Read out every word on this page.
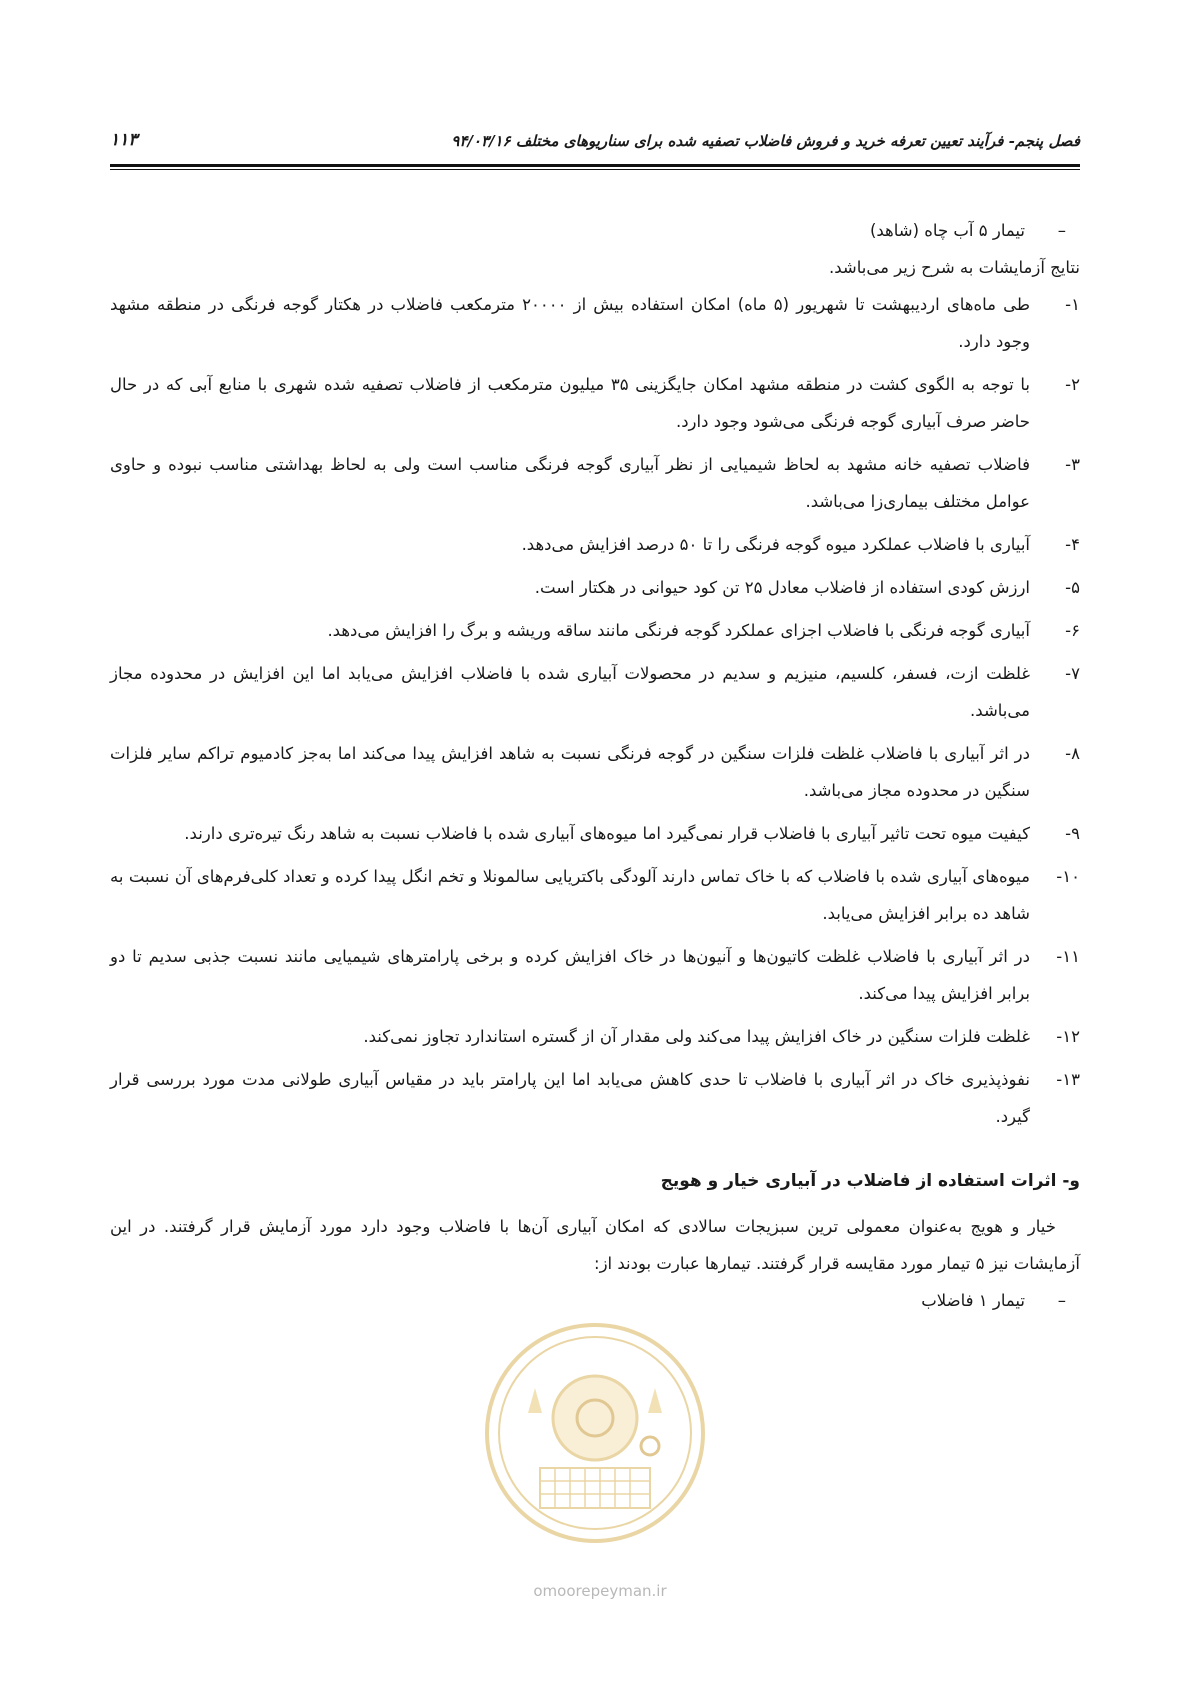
فصل پنجم- فرآیند تعیین تعرفه خرید و فروش فاضلاب تصفیه شده برای سناریوهای مختلف ۹۴/۰۳/۱۶
۱۱۳

– تیمار ۵ آب چاه (شاهد)

نتایج آزمایشات به شرح زیر می‌باشد.

۱-
طی ماه‌های اردیبهشت تا شهریور (۵ ماه) امکان استفاده بیش از ۲۰۰۰۰ مترمکعب فاضلاب در هکتار گوجه فرنگی در منطقه مشهد وجود دارد.
۲-
با توجه به الگوی کشت در منطقه مشهد امکان جایگزینی ۳۵ میلیون مترمکعب از فاضلاب تصفیه شده شهری با منابع آبی که در حال حاضر صرف آبیاری گوجه فرنگی می‌شود وجود دارد.
۳-
فاضلاب تصفیه خانه مشهد به لحاظ شیمیایی از نظر آبیاری گوجه فرنگی مناسب است ولی به لحاظ بهداشتی مناسب نبوده و حاوی عوامل مختلف بیماری‌زا می‌باشد.
۴-
آبیاری با فاضلاب عملکرد میوه گوجه فرنگی را تا ۵۰ درصد افزایش می‌دهد.
۵-
ارزش کودی استفاده از فاضلاب معادل ۲۵ تن کود حیوانی در هکتار است.
۶-
آبیاری گوجه فرنگی با فاضلاب اجزای عملکرد گوجه فرنگی مانند ساقه وریشه و برگ را افزایش می‌دهد.
۷-
غلظت ازت، فسفر، کلسیم، منیزیم و سدیم در محصولات آبیاری شده با فاضلاب افزایش می‌یابد اما این افزایش در محدوده مجاز می‌باشد.
۸-
در اثر آبیاری با فاضلاب غلظت فلزات سنگین در گوجه فرنگی نسبت به شاهد افزایش پیدا می‌کند اما به‌جز کادمیوم تراکم سایر فلزات سنگین در محدوده مجاز می‌باشد.
۹-
کیفیت میوه تحت تاثیر آبیاری با فاضلاب قرار نمی‌گیرد اما میوه‌های آبیاری شده با فاضلاب نسبت به شاهد رنگ تیره‌تری دارند.
۱۰-
میوه‌های آبیاری شده با فاضلاب که با خاک تماس دارند آلودگی باکتریایی سالمونلا و تخم انگل پیدا کرده و تعداد کلی‌فرم‌های آن نسبت به شاهد ده برابر افزایش می‌یابد.
۱۱-
در اثر آبیاری با فاضلاب غلظت کاتیون‌ها و آنیون‌ها در خاک افزایش کرده و برخی پارامترهای شیمیایی مانند نسبت جذبی سدیم تا دو برابر افزایش پیدا می‌کند.
۱۲-
غلظت فلزات سنگین در خاک افزایش پیدا می‌کند ولی مقدار آن از گستره استاندارد تجاوز نمی‌کند.
۱۳-
نفوذپذیری خاک در اثر آبیاری با فاضلاب تا حدی کاهش می‌یابد اما این پارامتر باید در مقیاس آبیاری طولانی مدت مورد بررسی قرار گیرد.

و- اثرات استفاده از فاضلاب در آبیاری خیار و هویج

خیار و هویج به‌عنوان معمولی ترین سبزیجات سالادی که امکان آبیاری آن‌ها با فاضلاب وجود دارد مورد آزمایش قرار گرفتند. در این آزمایشات نیز ۵ تیمار مورد مقایسه قرار گرفتند. تیمارها عبارت بودند از:

– تیمار ۱ فاضلاب

omoorepeyman.ir
